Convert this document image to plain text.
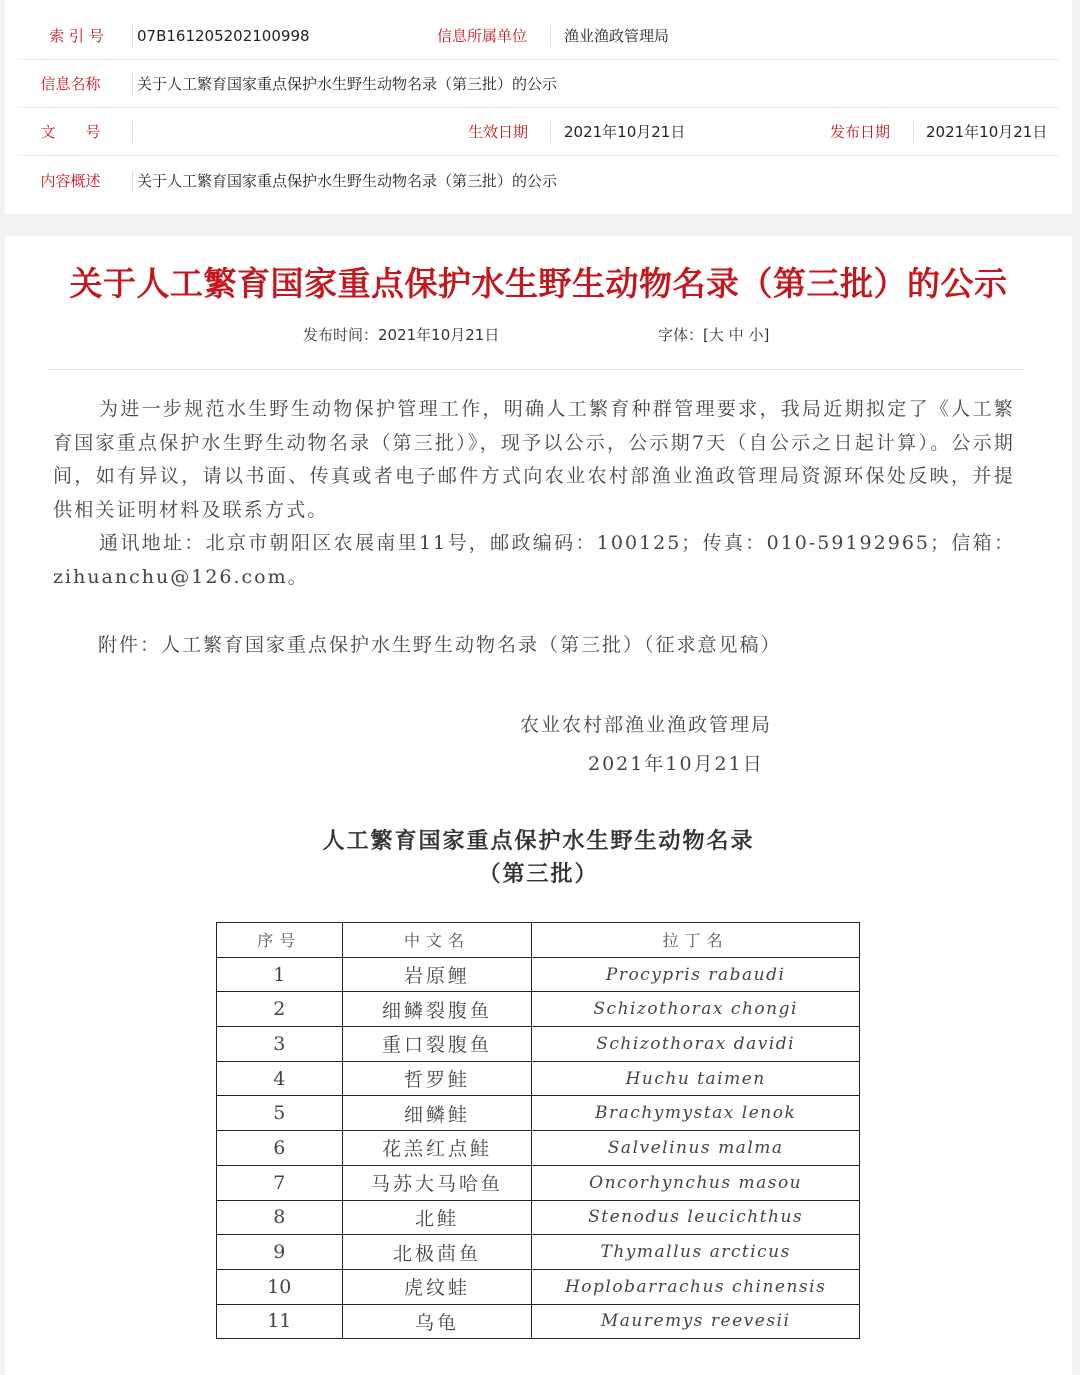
索 引 号	07B161205202100998	信息所属单位	渔业渔政管理局
信息名称	关于人工繁育国家重点保护水生野生动物名录（第三批）的公示
文　　号	生效日期	2021年10月21日	发布日期	2021年10月21日
内容概述	关于人工繁育国家重点保护水生野生动物名录（第三批）的公示
关于人工繁育国家重点保护水生野生动物名录（第三批）的公示
发布时间：2021年10月21日	字体：[大 中 小]

为进一步规范水生野生动物保护管理工作，明确人工繁育种群管理要求，我局近期拟定了《人工繁育国家重点保护水生野生动物名录（第三批）》，现予以公示，公示期7天（自公示之日起计算）。公示期间，如有异议，请以书面、传真或者电子邮件方式向农业农村部渔业渔政管理局资源环保处反映，并提供相关证明材料及联系方式。

通讯地址：北京市朝阳区农展南里11号，邮政编码：100125；传真：010-59192965；信箱：zihuanchu@126.com。

附件：人工繁育国家重点保护水生野生动物名录（第三批）（征求意见稿）
农业农村部渔业渔政管理局
2021年10月21日
人工繁育国家重点保护水生野生动物名录
（第三批）
序号	中文名	拉丁名
1	岩原鲤	Procypris rabaudi
2	细鳞裂腹鱼	Schizothorax chongi
3	重口裂腹鱼	Schizothorax davidi
4	哲罗鲑	Huchu taimen
5	细鳞鲑	Brachymystax lenok
6	花羔红点鲑	Salvelinus malma
7	马苏大马哈鱼	Oncorhynchus masou
8	北鲑	Stenodus leucichthus
9	北极茴鱼	Thymallus arcticus
10	虎纹蛙	Hoplobarrachus chinensis
11	乌龟	Mauremys reevesii
